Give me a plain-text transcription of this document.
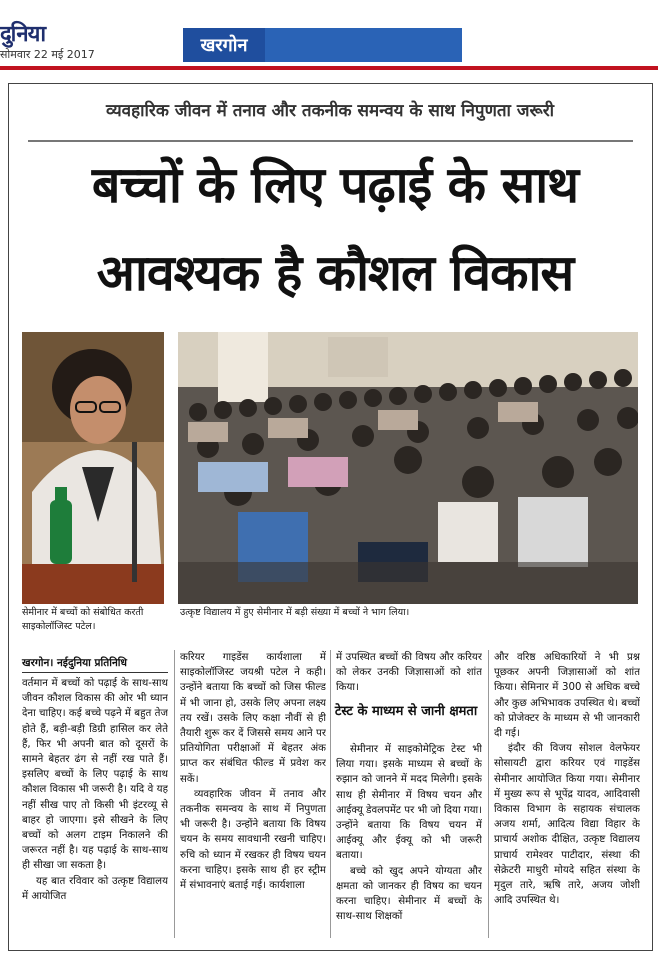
दुनिया
सोमवार 22 मई 2017	खरगोन
व्यवहारिक जीवन में तनाव और तकनीक समन्वय के साथ निपुणता जरूरी
बच्चों के लिए पढ़ाई के साथ
आवश्यक है कौशल विकास
सेमीनार में बच्चों को संबोधित करती
साइकोलॉजिस्ट पटेल।
उत्कृष्ट विद्यालय में हुए सेमीनार में बड़ी संख्या में बच्चों ने भाग लिया।
खरगोन। नईदुनिया प्रतिनिधि

वर्तमान में बच्चों को पढ़ाई के साथ-साथ जीवन कौशल विकास की ओर भी ध्यान देना चाहिए। कई बच्चे पढ़ने में बहुत तेज होते हैं, बड़ी-बड़ी डिग्री हासिल कर लेते हैं, फिर भी अपनी बात को दूसरों के सामने बेहतर ढंग से नहीं रख पाते हैं। इसलिए बच्चों के लिए पढ़ाई के साथ कौशल विकास भी जरूरी है। यदि वे यह नहीं सीख पाए तो किसी भी इंटरव्यू से बाहर हो जाएगा। इसे सीखने के लिए बच्चों को अलग टाइम निकालने की जरूरत नहीं है। यह पढ़ाई के साथ-साथ ही सीखा जा सकता है।

यह बात रविवार को उत्कृष्ट विद्यालय में आयोजित

करियर गाइडेंस कार्यशाला में साइकोलॉजिस्ट जयश्री पटेल ने कही। उन्होंने बताया कि बच्चों को जिस फील्ड में भी जाना हो, उसके लिए अपना लक्ष्य तय रखें। उसके लिए कक्षा नौवीं से ही तैयारी शुरू कर दें जिससे समय आने पर प्रतियोगिता परीक्षाओं में बेहतर अंक प्राप्त कर संबंधित फील्ड में प्रवेश कर सकें।

व्यवहारिक जीवन में तनाव और तकनीक समन्वय के साथ में निपुणता भी जरूरी है। उन्होंने बताया कि विषय चयन के समय सावधानी रखनी चाहिए। रुचि को ध्यान में रखकर ही विषय चयन करना चाहिए। इसके साथ ही हर स्ट्रीम में संभावनाएं बताई गई। कार्यशाला

में उपस्थित बच्चों की विषय और करियर को लेकर उनकी जिज्ञासाओं को शांत किया।

टेस्ट के माध्यम से जानी क्षमता

सेमीनार में साइकोमेट्रिक टेस्ट भी लिया गया। इसके माध्यम से बच्चों के रुझान को जानने में मदद मिलेगी। इसके साथ ही सेमीनार में विषय चयन और आईक्यू डेवलपमेंट पर भी जो दिया गया। उन्होंने बताया कि विषय चयन में आईक्यू और ईक्यू को भी जरूरी बताया।

बच्चे को खुद अपने योग्यता और क्षमता को जानकर ही विषय का चयन करना चाहिए। सेमीनार में बच्चों के साथ-साथ शिक्षकों

और वरिष्ठ अधिकारियों ने भी प्रश्न पूछकर अपनी जिज्ञासाओं को शांत किया। सेमिनार में 300 से अधिक बच्चे और कुछ अभिभावक उपस्थित थे। बच्चों को प्रोजेक्टर के माध्यम से भी जानकारी दी गई।

इंदौर की विजय सोशल वेलफेयर सोसायटी द्वारा करियर एवं गाइडेंस सेमीनार आयोजित किया गया। सेमीनार में मुख्य रूप से भूपेंद्र यादव, आदिवासी विकास विभाग के सहायक संचालक अजय शर्मा, आदित्य विद्या विहार के प्राचार्य अशोक दीक्षित, उत्कृष्ट विद्यालय प्राचार्य रामेश्वर पाटीदार, संस्था की सेक्रेटरी माधुरी मोयदे सहित संस्था के मृदुल तारे, ऋषि तारे, अजय जोशी आदि उपस्थित थे।
